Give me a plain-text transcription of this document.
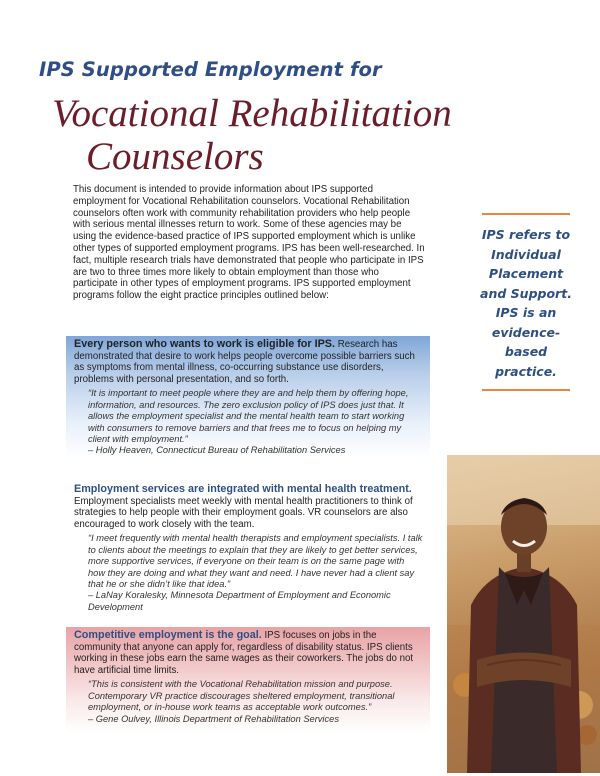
IPS Supported Employment for
Vocational Rehabilitation
Counselors
This document is intended to provide information about IPS supported employment for Vocational Rehabilitation counselors. Vocational Rehabilitation counselors often work with community rehabilitation providers who help people with serious mental illnesses return to work. Some of these agencies may be using the evidence-based practice of IPS supported employment which is unlike other types of supported employment programs. IPS has been well-researched. In fact, multiple research trials have demonstrated that people who participate in IPS are two to three times more likely to obtain employment than those who participate in other types of employment programs. IPS supported employment programs follow the eight practice principles outlined below:
IPS refers to Individual Placement and Support. IPS is an evidence-based practice.
Every person who wants to work is eligible for IPS. Research has demonstrated that desire to work helps people overcome possible barriers such as symptoms from mental illness, co-occurring substance use disorders, problems with personal presentation, and so forth.
“It is important to meet people where they are and help them by offering hope, information, and resources. The zero exclusion policy of IPS does just that. It allows the employment specialist and the mental health team to start working with consumers to remove barriers and that frees me to focus on helping my client with employment.”
– Holly Heaven, Connecticut Bureau of Rehabilitation Services
Employment services are integrated with mental health treatment. Employment specialists meet weekly with mental health practitioners to think of strategies to help people with their employment goals. VR counselors are also encouraged to work closely with the team.
“I meet frequently with mental health therapists and employment specialists. I talk to clients about the meetings to explain that they are likely to get better services, more supportive services, if everyone on their team is on the same page with how they are doing and what they want and need. I have never had a client say that he or she didn’t like that idea.”
– LaNay Koralesky, Minnesota Department of Employment and Economic Development
Competitive employment is the goal. IPS focuses on jobs in the community that anyone can apply for, regardless of disability status. IPS clients working in these jobs earn the same wages as their coworkers. The jobs do not have artificial time limits.
“This is consistent with the Vocational Rehabilitation mission and purpose. Contemporary VR practice discourages sheltered employment, transitional employment, or in-house work teams as acceptable work outcomes.”
– Gene Oulvey, Illinois Department of Rehabilitation Services
